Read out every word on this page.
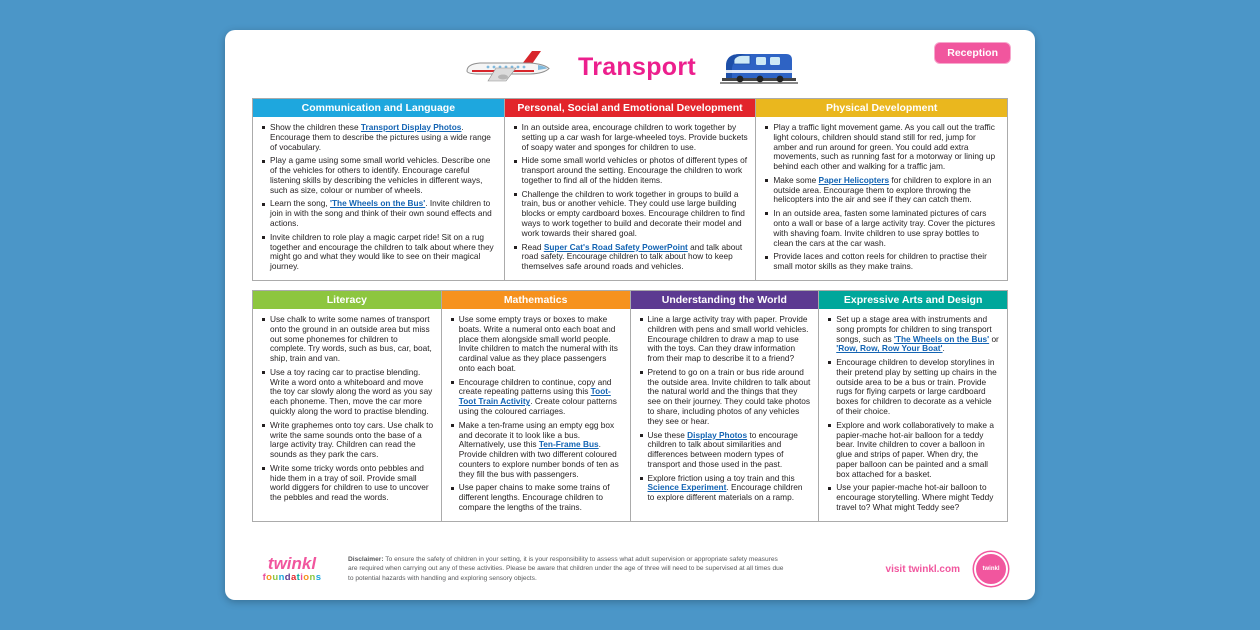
Reception
Transport
Communication and Language
Show the children these Transport Display Photos. Encourage them to describe the pictures using a wide range of vocabulary.
Play a game using some small world vehicles. Describe one of the vehicles for others to identify. Encourage careful listening skills by describing the vehicles in different ways, such as size, colour or number of wheels.
Learn the song, 'The Wheels on the Bus'. Invite children to join in with the song and think of their own sound effects and actions.
Invite children to role play a magic carpet ride! Sit on a rug together and encourage the children to talk about where they might go and what they would like to see on their magical journey.
Personal, Social and Emotional Development
In an outside area, encourage children to work together by setting up a car wash for large-wheeled toys. Provide buckets of soapy water and sponges for children to use.
Hide some small world vehicles or photos of different types of transport around the setting. Encourage the children to work together to find all of the hidden items.
Challenge the children to work together in groups to build a train, bus or another vehicle. They could use large building blocks or empty cardboard boxes. Encourage children to find ways to work together to build and decorate their model and work towards their shared goal.
Read Super Cat's Road Safety PowerPoint and talk about road safety. Encourage children to talk about how to keep themselves safe around roads and vehicles.
Physical Development
Play a traffic light movement game. As you call out the traffic light colours, children should stand still for red, jump for amber and run around for green. You could add extra movements, such as running fast for a motorway or lining up behind each other and walking for a traffic jam.
Make some Paper Helicopters for children to explore in an outside area. Encourage them to explore throwing the helicopters into the air and see if they can catch them.
In an outside area, fasten some laminated pictures of cars onto a wall or base of a large activity tray. Cover the pictures with shaving foam. Invite children to use spray bottles to clean the cars at the car wash.
Provide laces and cotton reels for children to practise their small motor skills as they make trains.
Literacy
Use chalk to write some names of transport onto the ground in an outside area but miss out some phonemes for children to complete. Try words, such as bus, car, boat, ship, train and van.
Use a toy racing car to practise blending. Write a word onto a whiteboard and move the toy car slowly along the word as you say each phoneme. Then, move the car more quickly along the word to practise blending.
Write graphemes onto toy cars. Use chalk to write the same sounds onto the base of a large activity tray. Children can read the sounds as they park the cars.
Write some tricky words onto pebbles and hide them in a tray of soil. Provide small world diggers for children to use to uncover the pebbles and read the words.
Mathematics
Use some empty trays or boxes to make boats. Write a numeral onto each boat and place them alongside small world people. Invite children to match the numeral with its cardinal value as they place passengers onto each boat.
Encourage children to continue, copy and create repeating patterns using this Toot-Toot Train Activity. Create colour patterns using the coloured carriages.
Make a ten-frame using an empty egg box and decorate it to look like a bus. Alternatively, use this Ten-Frame Bus. Provide children with two different coloured counters to explore number bonds of ten as they fill the bus with passengers.
Use paper chains to make some trains of different lengths. Encourage children to compare the lengths of the trains.
Understanding the World
Line a large activity tray with paper. Provide children with pens and small world vehicles. Encourage children to draw a map to use with the toys. Can they draw information from their map to describe it to a friend?
Pretend to go on a train or bus ride around the outside area. Invite children to talk about the natural world and the things that they see on their journey. They could take photos to share, including photos of any vehicles they see or hear.
Use these Display Photos to encourage children to talk about similarities and differences between modern types of transport and those used in the past.
Explore friction using a toy train and this Science Experiment. Encourage children to explore different materials on a ramp.
Expressive Arts and Design
Set up a stage area with instruments and song prompts for children to sing transport songs, such as 'The Wheels on the Bus' or 'Row, Row, Row Your Boat'.
Encourage children to develop storylines in their pretend play by setting up chairs in the outside area to be a bus or train. Provide rugs for flying carpets or large cardboard boxes for children to decorate as a vehicle of their choice.
Explore and work collaboratively to make a papier-mache hot-air balloon for a teddy bear. Invite children to cover a balloon in glue and strips of paper. When dry, the paper balloon can be painted and a small box attached for a basket.
Use your papier-mache hot-air balloon to encourage storytelling. Where might Teddy travel to? What might Teddy see?
twinkl
foundations

Disclaimer: To ensure the safety of children in your setting, it is your responsibility to assess what adult supervision or appropriate safety measures are required when carrying out any of these activities. Please be aware that children under the age of three will need to be supervised at all times due to potential hazards with handling and exploring sensory objects.

visit twinkl.com	twinkl
